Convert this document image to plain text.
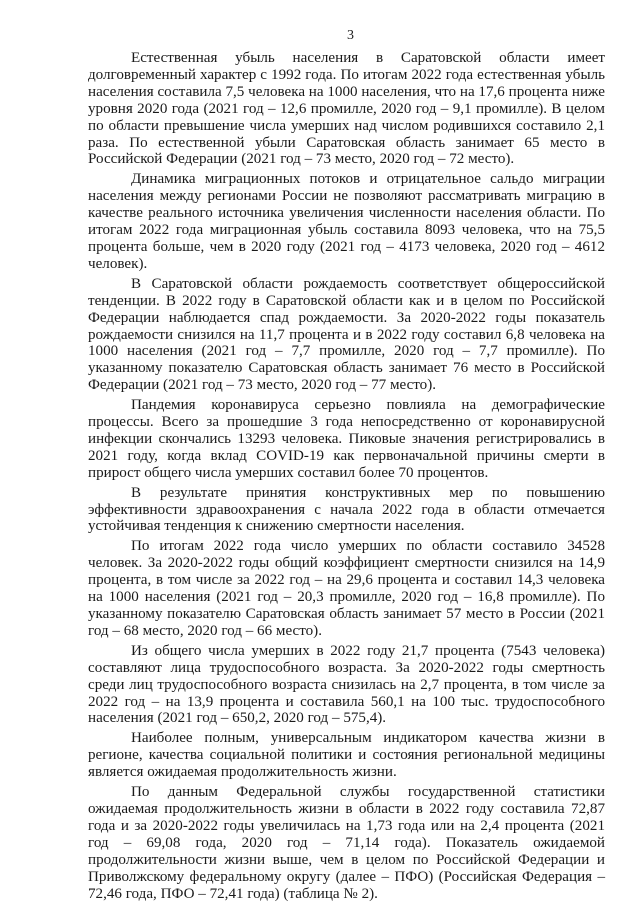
3

Естественная убыль населения в Саратовской области имеет долговременный характер с 1992 года. По итогам 2022 года естественная убыль населения составила 7,5 человека на 1000 населения, что на 17,6 процента ниже уровня 2020 года (2021 год – 12,6 промилле, 2020 год – 9,1 промилле). В целом по области превышение числа умерших над числом родившихся составило 2,1 раза. По естественной убыли Саратовская область занимает 65 место в Российской Федерации (2021 год – 73 место, 2020 год – 72 место).

Динамика миграционных потоков и отрицательное сальдо миграции населения между регионами России не позволяют рассматривать миграцию в качестве реального источника увеличения численности населения области. По итогам 2022 года миграционная убыль составила 8093 человека, что на 75,5 процента больше, чем в 2020 году (2021 год – 4173 человека, 2020 год – 4612 человек).

В Саратовской области рождаемость соответствует общероссийской тенденции. В 2022 году в Саратовской области как и в целом по Российской Федерации наблюдается спад рождаемости. За 2020-2022 годы показатель рождаемости снизился на 11,7 процента и в 2022 году составил 6,8 человека на 1000 населения (2021 год – 7,7 промилле, 2020 год – 7,7 промилле). По указанному показателю Саратовская область занимает 76 место в Российской Федерации (2021 год – 73 место, 2020 год – 77 место).

Пандемия коронавируса серьезно повлияла на демографические процессы. Всего за прошедшие 3 года непосредственно от коронавирусной инфекции скончались 13293 человека. Пиковые значения регистрировались в 2021 году, когда вклад COVID-19 как первоначальной причины смерти в прирост общего числа умерших составил более 70 процентов.

В результате принятия конструктивных мер по повышению эффективности здравоохранения с начала 2022 года в области отмечается устойчивая тенденция к снижению смертности населения.

По итогам 2022 года число умерших по области составило 34528 человек. За 2020-2022 годы общий коэффициент смертности снизился на 14,9 процента, в том числе за 2022 год – на 29,6 процента и составил 14,3 человека на 1000 населения (2021 год – 20,3 промилле, 2020 год – 16,8 промилле). По указанному показателю Саратовская область занимает 57 место в России (2021 год – 68 место, 2020 год – 66 место).

Из общего числа умерших в 2022 году 21,7 процента (7543 человека) составляют лица трудоспособного возраста. За 2020-2022 годы смертность среди лиц трудоспособного возраста снизилась на 2,7 процента, в том числе за 2022 год – на 13,9 процента и составила 560,1 на 100 тыс. трудоспособного населения (2021 год – 650,2, 2020 год – 575,4).

Наиболее полным, универсальным индикатором качества жизни в регионе, качества социальной политики и состояния региональной медицины является ожидаемая продолжительность жизни.

По данным Федеральной службы государственной статистики ожидаемая продолжительность жизни в области в 2022 году составила 72,87 года и за 2020-2022 годы увеличилась на 1,73 года или на 2,4 процента (2021 год – 69,08 года, 2020 год – 71,14 года). Показатель ожидаемой продолжительности жизни выше, чем в целом по Российской Федерации и Приволжскому федеральному округу (далее – ПФО) (Российская Федерация – 72,46 года, ПФО – 72,41 года) (таблица № 2).
